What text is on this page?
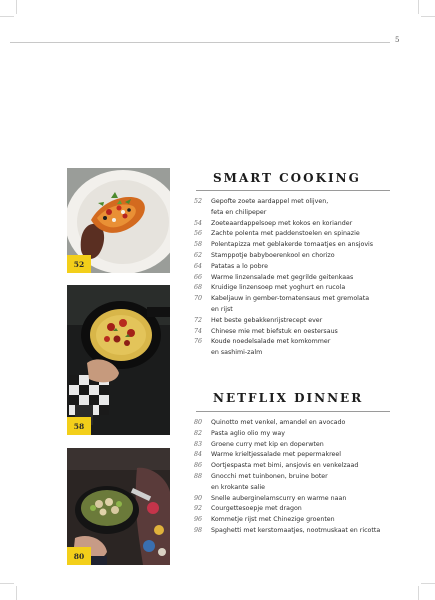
5
52
58
80
SMART COOKING
52	Gepofte zoete aardappel met olijven,
feta en chilipeper
54	Zoeteaardappelsoep met kokos en koriander
56	Zachte polenta met paddenstoelen en spinazie
58	Polentapizza met geblakerde tomaatjes en ansjovis
62	Stamppotje babyboerenkool en chorizo
64	Patatas a lo pobre
66	Warme linzensalade met gegrilde geitenkaas
68	Kruidige linzensoep met yoghurt en rucola
70	Kabeljauw in gember-tomatensaus met gremolata
en rijst
72	Het beste gebakkenrijstrecept ever
74	Chinese mie met biefstuk en oestersaus
76	Koude noedelsalade met komkommer
en sashimi-zalm
NETFLIX DINNER
80	Quinotto met venkel, amandel en avocado
82	Pasta aglio olio my way
83	Groene curry met kip en doperwten
84	Warme krieltjessalade met pepermakreel
86	Oortjespasta met bimi, ansjovis en venkelzaad
88	Gnocchi met tuinbonen, bruine boter
en krokante salie
90	Snelle auberginelamscurry en warme naan
92	Courgettesoepje met dragon
96	Kommetje rijst met Chinezige groenten
98	Spaghetti met kerstomaatjes, nootmuskaat en ricotta
